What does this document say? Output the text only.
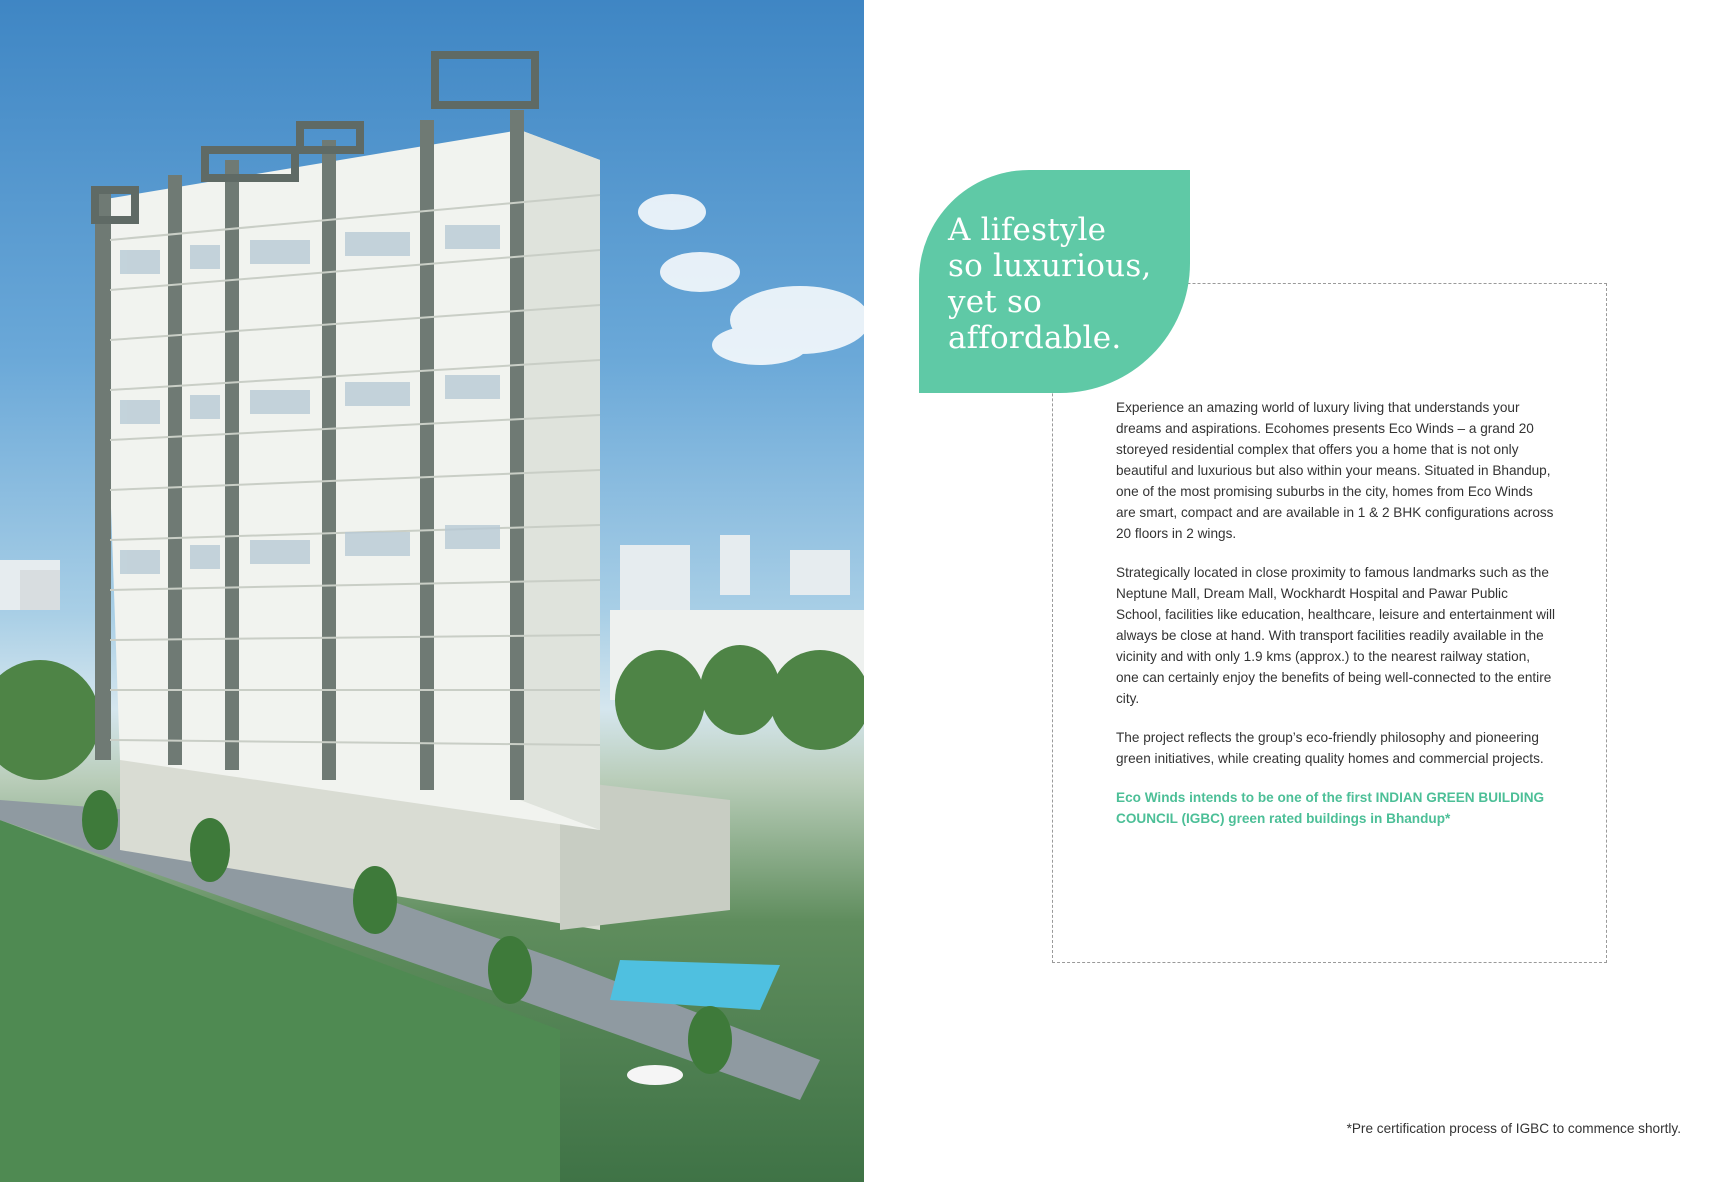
A lifestyle
so luxurious,
yet so
affordable.

Experience an amazing world of luxury living that understands your dreams and aspirations. Ecohomes presents Eco Winds – a grand 20 storeyed residential complex that offers you a home that is not only beautiful and luxurious but also within your means. Situated in Bhandup, one of the most promising suburbs in the city, homes from Eco Winds are smart, compact and are available in 1 & 2 BHK configurations across 20 floors in 2 wings.

Strategically located in close proximity to famous landmarks such as the Neptune Mall, Dream Mall, Wockhardt Hospital and Pawar Public School, facilities like education, healthcare, leisure and entertainment will always be close at hand. With transport facilities readily available in the vicinity and with only 1.9 kms (approx.) to the nearest railway station, one can certainly enjoy the benefits of being well-connected to the entire city.

The project reflects the group’s eco-friendly philosophy and pioneering green initiatives, while creating quality homes and commercial projects.

Eco Winds intends to be one of the first INDIAN GREEN BUILDING COUNCIL (IGBC) green rated buildings in Bhandup*

*Pre certification process of IGBC to commence shortly.
